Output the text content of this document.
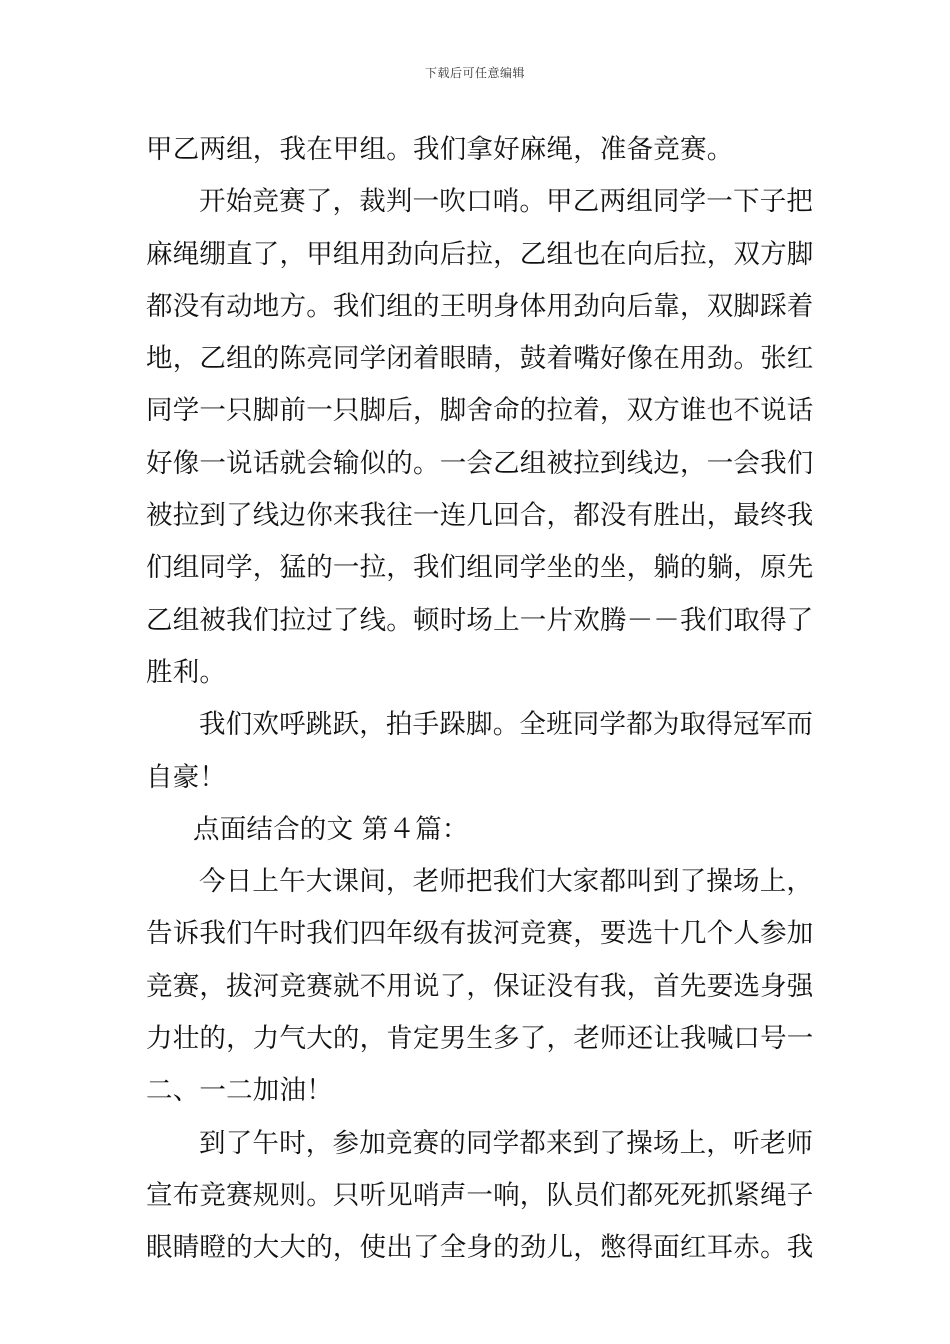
下载后可任意编辑
甲乙两组，我在甲组。我们拿好麻绳，准备竞赛。
开始竞赛了，裁判一吹口哨。甲乙两组同学一下子把
麻绳绷直了，甲组用劲向后拉，乙组也在向后拉，双方脚
都没有动地方。我们组的王明身体用劲向后靠，双脚踩着
地，乙组的陈亮同学闭着眼睛，鼓着嘴好像在用劲。张红
同学一只脚前一只脚后，脚舍命的拉着，双方谁也不说话
好像一说话就会输似的。一会乙组被拉到线边，一会我们
被拉到了线边你来我往一连几回合，都没有胜出，最终我
们组同学，猛的一拉，我们组同学坐的坐，躺的躺，原先
乙组被我们拉过了线。顿时场上一片欢腾－－我们取得了
胜利。
我们欢呼跳跃，拍手跺脚。全班同学都为取得冠军而
自豪！
点面结合的文 第４篇：
今日上午大课间，老师把我们大家都叫到了操场上，
告诉我们午时我们四年级有拔河竞赛，要选十几个人参加
竞赛，拔河竞赛就不用说了，保证没有我，首先要选身强
力壮的，力气大的，肯定男生多了，老师还让我喊口号一
二、一二加油！
到了午时，参加竞赛的同学都来到了操场上，听老师
宣布竞赛规则。只听见哨声一响，队员们都死死抓紧绳子
眼睛瞪的大大的，使出了全身的劲儿，憋得面红耳赤。我
